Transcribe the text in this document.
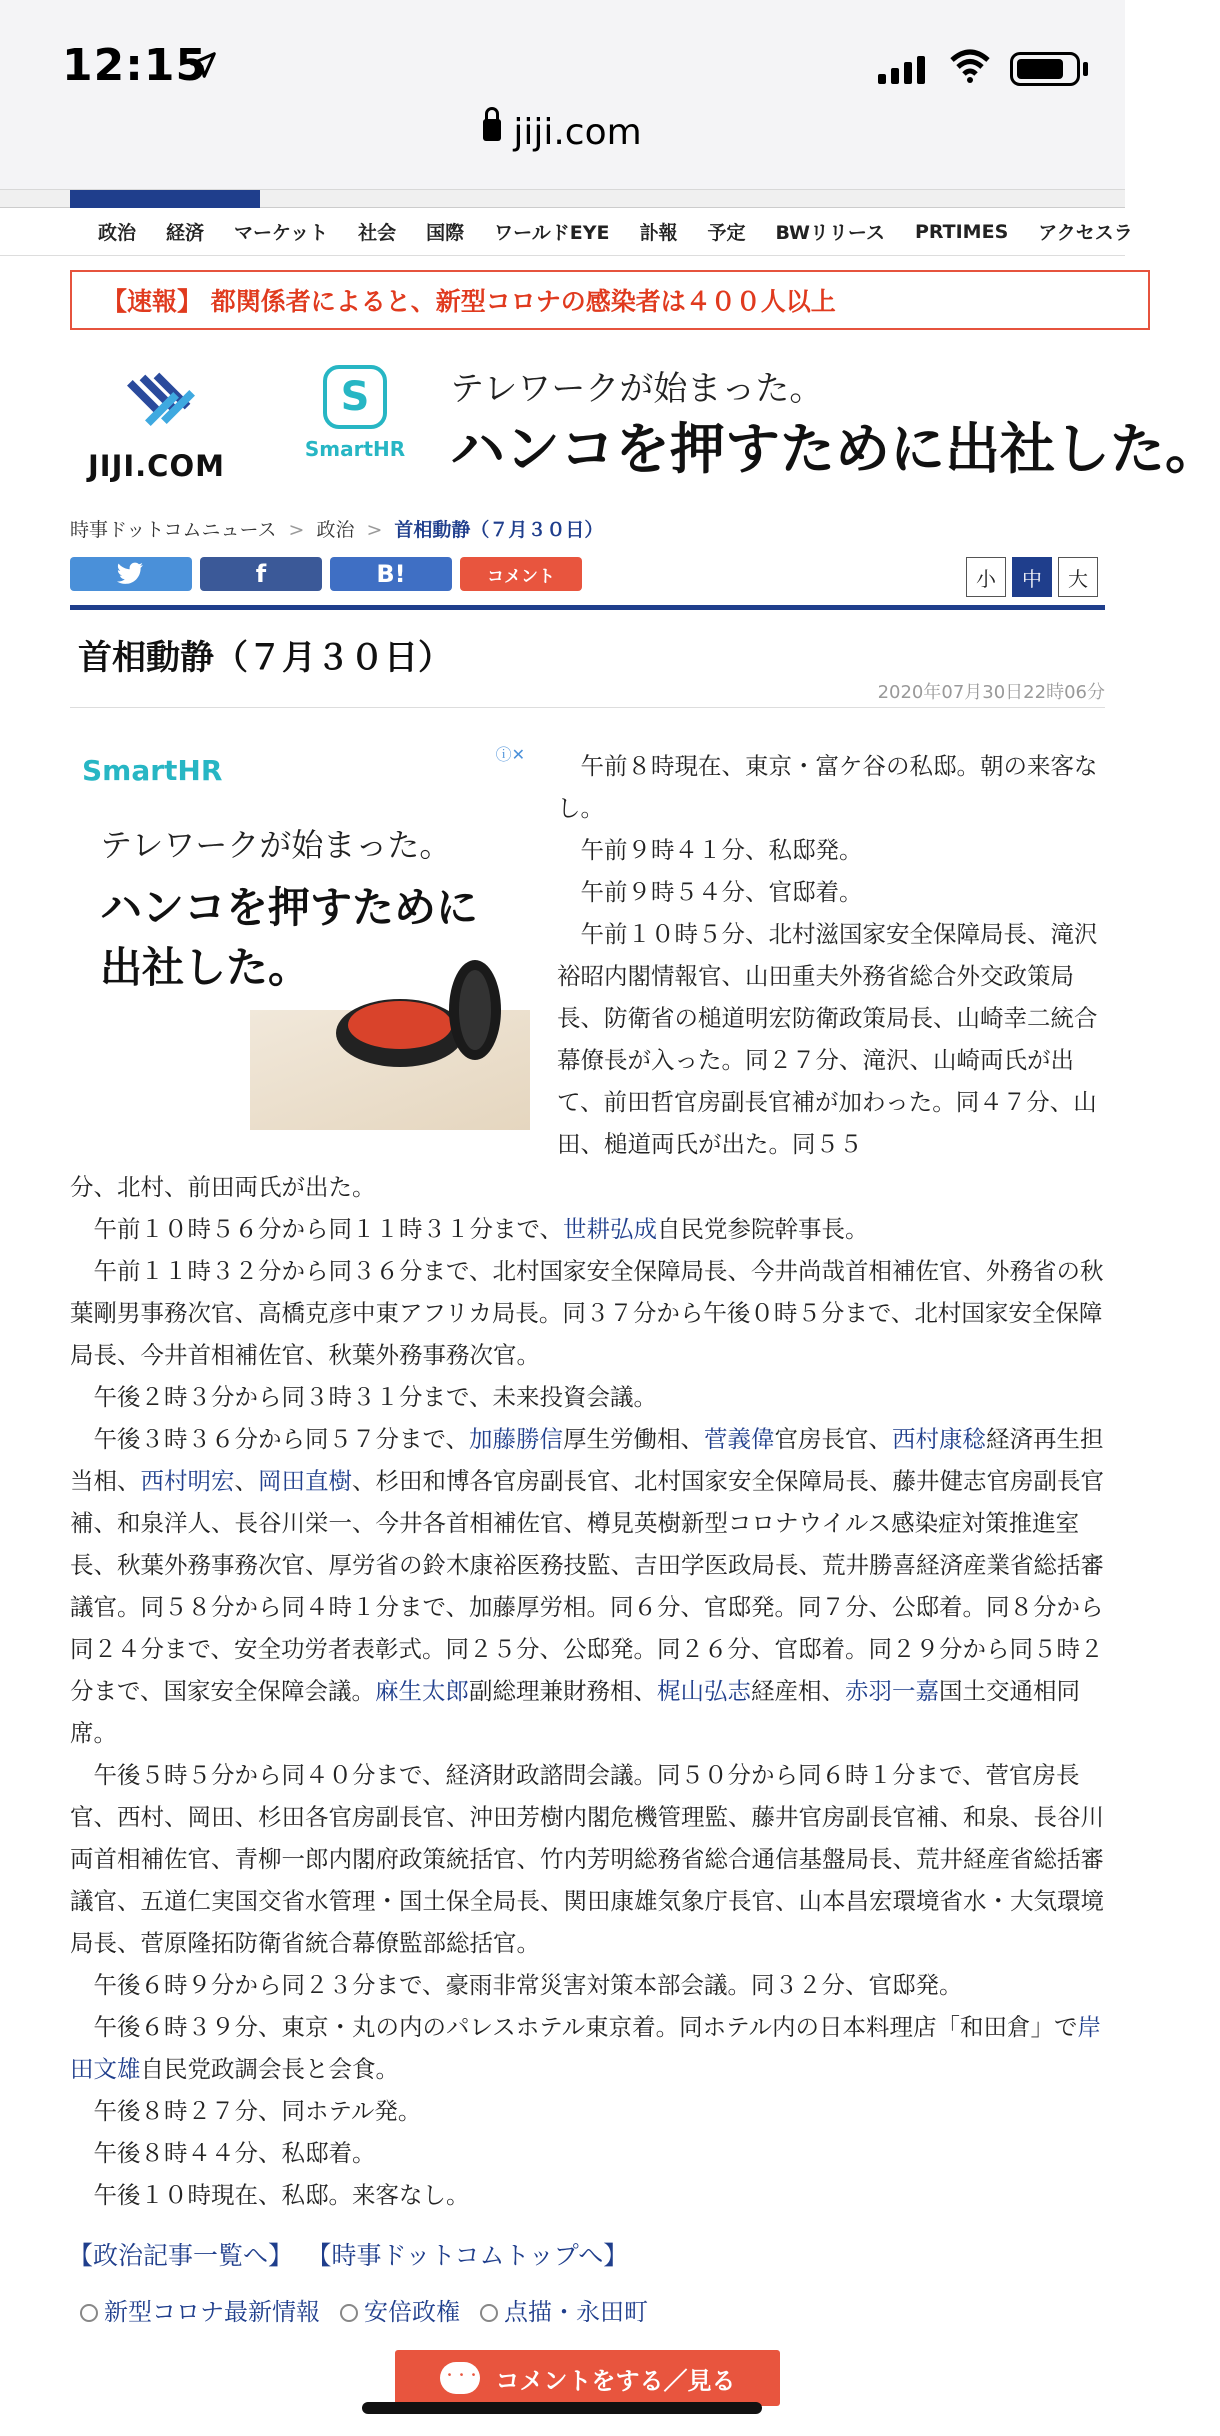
12:15
jiji.com
政治 経済 マーケット 社会 国際 ワールドEYE 訃報 予定 BWリリース PRTIMES アクセスラ
【速報】 都関係者によると、新型コロナの感染者は４００人以上
JIJI.COM
S
SmartHR
テレワークが始まった。
ハンコを押すために出社した。
時事ドットコムニュース > 政治 > 首相動静（７月３０日）
f	B!	コメント	小	中	大
首相動静（７月３０日）
2020年07月30日22時06分
SmartHR	ⓘ✕
テレワークが始まった。
ハンコを押すために
出社した。

午前８時現在、東京・富ケ谷の私邸。朝の来客なし。

午前９時４１分、私邸発。

午前９時５４分、官邸着。

午前１０時５分、北村滋国家安全保障局長、滝沢裕昭内閣情報官、山田重夫外務省総合外交政策局長、防衛省の槌道明宏防衛政策局長、山崎幸二統合幕僚長が入った。同２７分、滝沢、山崎両氏が出て、前田哲官房副長官補が加わった。同４７分、山田、槌道両氏が出た。同５５

分、北村、前田両氏が出た。

午前１０時５６分から同１１時３１分まで、世耕弘成自民党参院幹事長。

午前１１時３２分から同３６分まで、北村国家安全保障局長、今井尚哉首相補佐官、外務省の秋葉剛男事務次官、高橋克彦中東アフリカ局長。同３７分から午後０時５分まで、北村国家安全保障局長、今井首相補佐官、秋葉外務事務次官。

午後２時３分から同３時３１分まで、未来投資会議。

午後３時３６分から同５７分まで、加藤勝信厚生労働相、菅義偉官房長官、西村康稔経済再生担当相、西村明宏、岡田直樹、杉田和博各官房副長官、北村国家安全保障局長、藤井健志官房副長官補、和泉洋人、長谷川栄一、今井各首相補佐官、樽見英樹新型コロナウイルス感染症対策推進室長、秋葉外務事務次官、厚労省の鈴木康裕医務技監、吉田学医政局長、荒井勝喜経済産業省総括審議官。同５８分から同４時１分まで、加藤厚労相。同６分、官邸発。同７分、公邸着。同８分から同２４分まで、安全功労者表彰式。同２５分、公邸発。同２６分、官邸着。同２９分から同５時２分まで、国家安全保障会議。麻生太郎副総理兼財務相、梶山弘志経産相、赤羽一嘉国土交通相同席。

午後５時５分から同４０分まで、経済財政諮問会議。同５０分から同６時１分まで、菅官房長官、西村、岡田、杉田各官房副長官、沖田芳樹内閣危機管理監、藤井官房副長官補、和泉、長谷川両首相補佐官、青柳一郎内閣府政策統括官、竹内芳明総務省総合通信基盤局長、荒井経産省総括審議官、五道仁実国交省水管理・国土保全局長、関田康雄気象庁長官、山本昌宏環境省水・大気環境局長、菅原隆拓防衛省統合幕僚監部総括官。

午後６時９分から同２３分まで、豪雨非常災害対策本部会議。同３２分、官邸発。

午後６時３９分、東京・丸の内のパレスホテル東京着。同ホテル内の日本料理店「和田倉」で岸田文雄自民党政調会長と会食。

午後８時２７分、同ホテル発。

午後８時４４分、私邸着。

午後１０時現在、私邸。来客なし。

【政治記事一覧へ】 【時事ドットコムトップへ】
新型コロナ最新情報	安倍政権	点描・永田町
・・・
コメントをする／見る
